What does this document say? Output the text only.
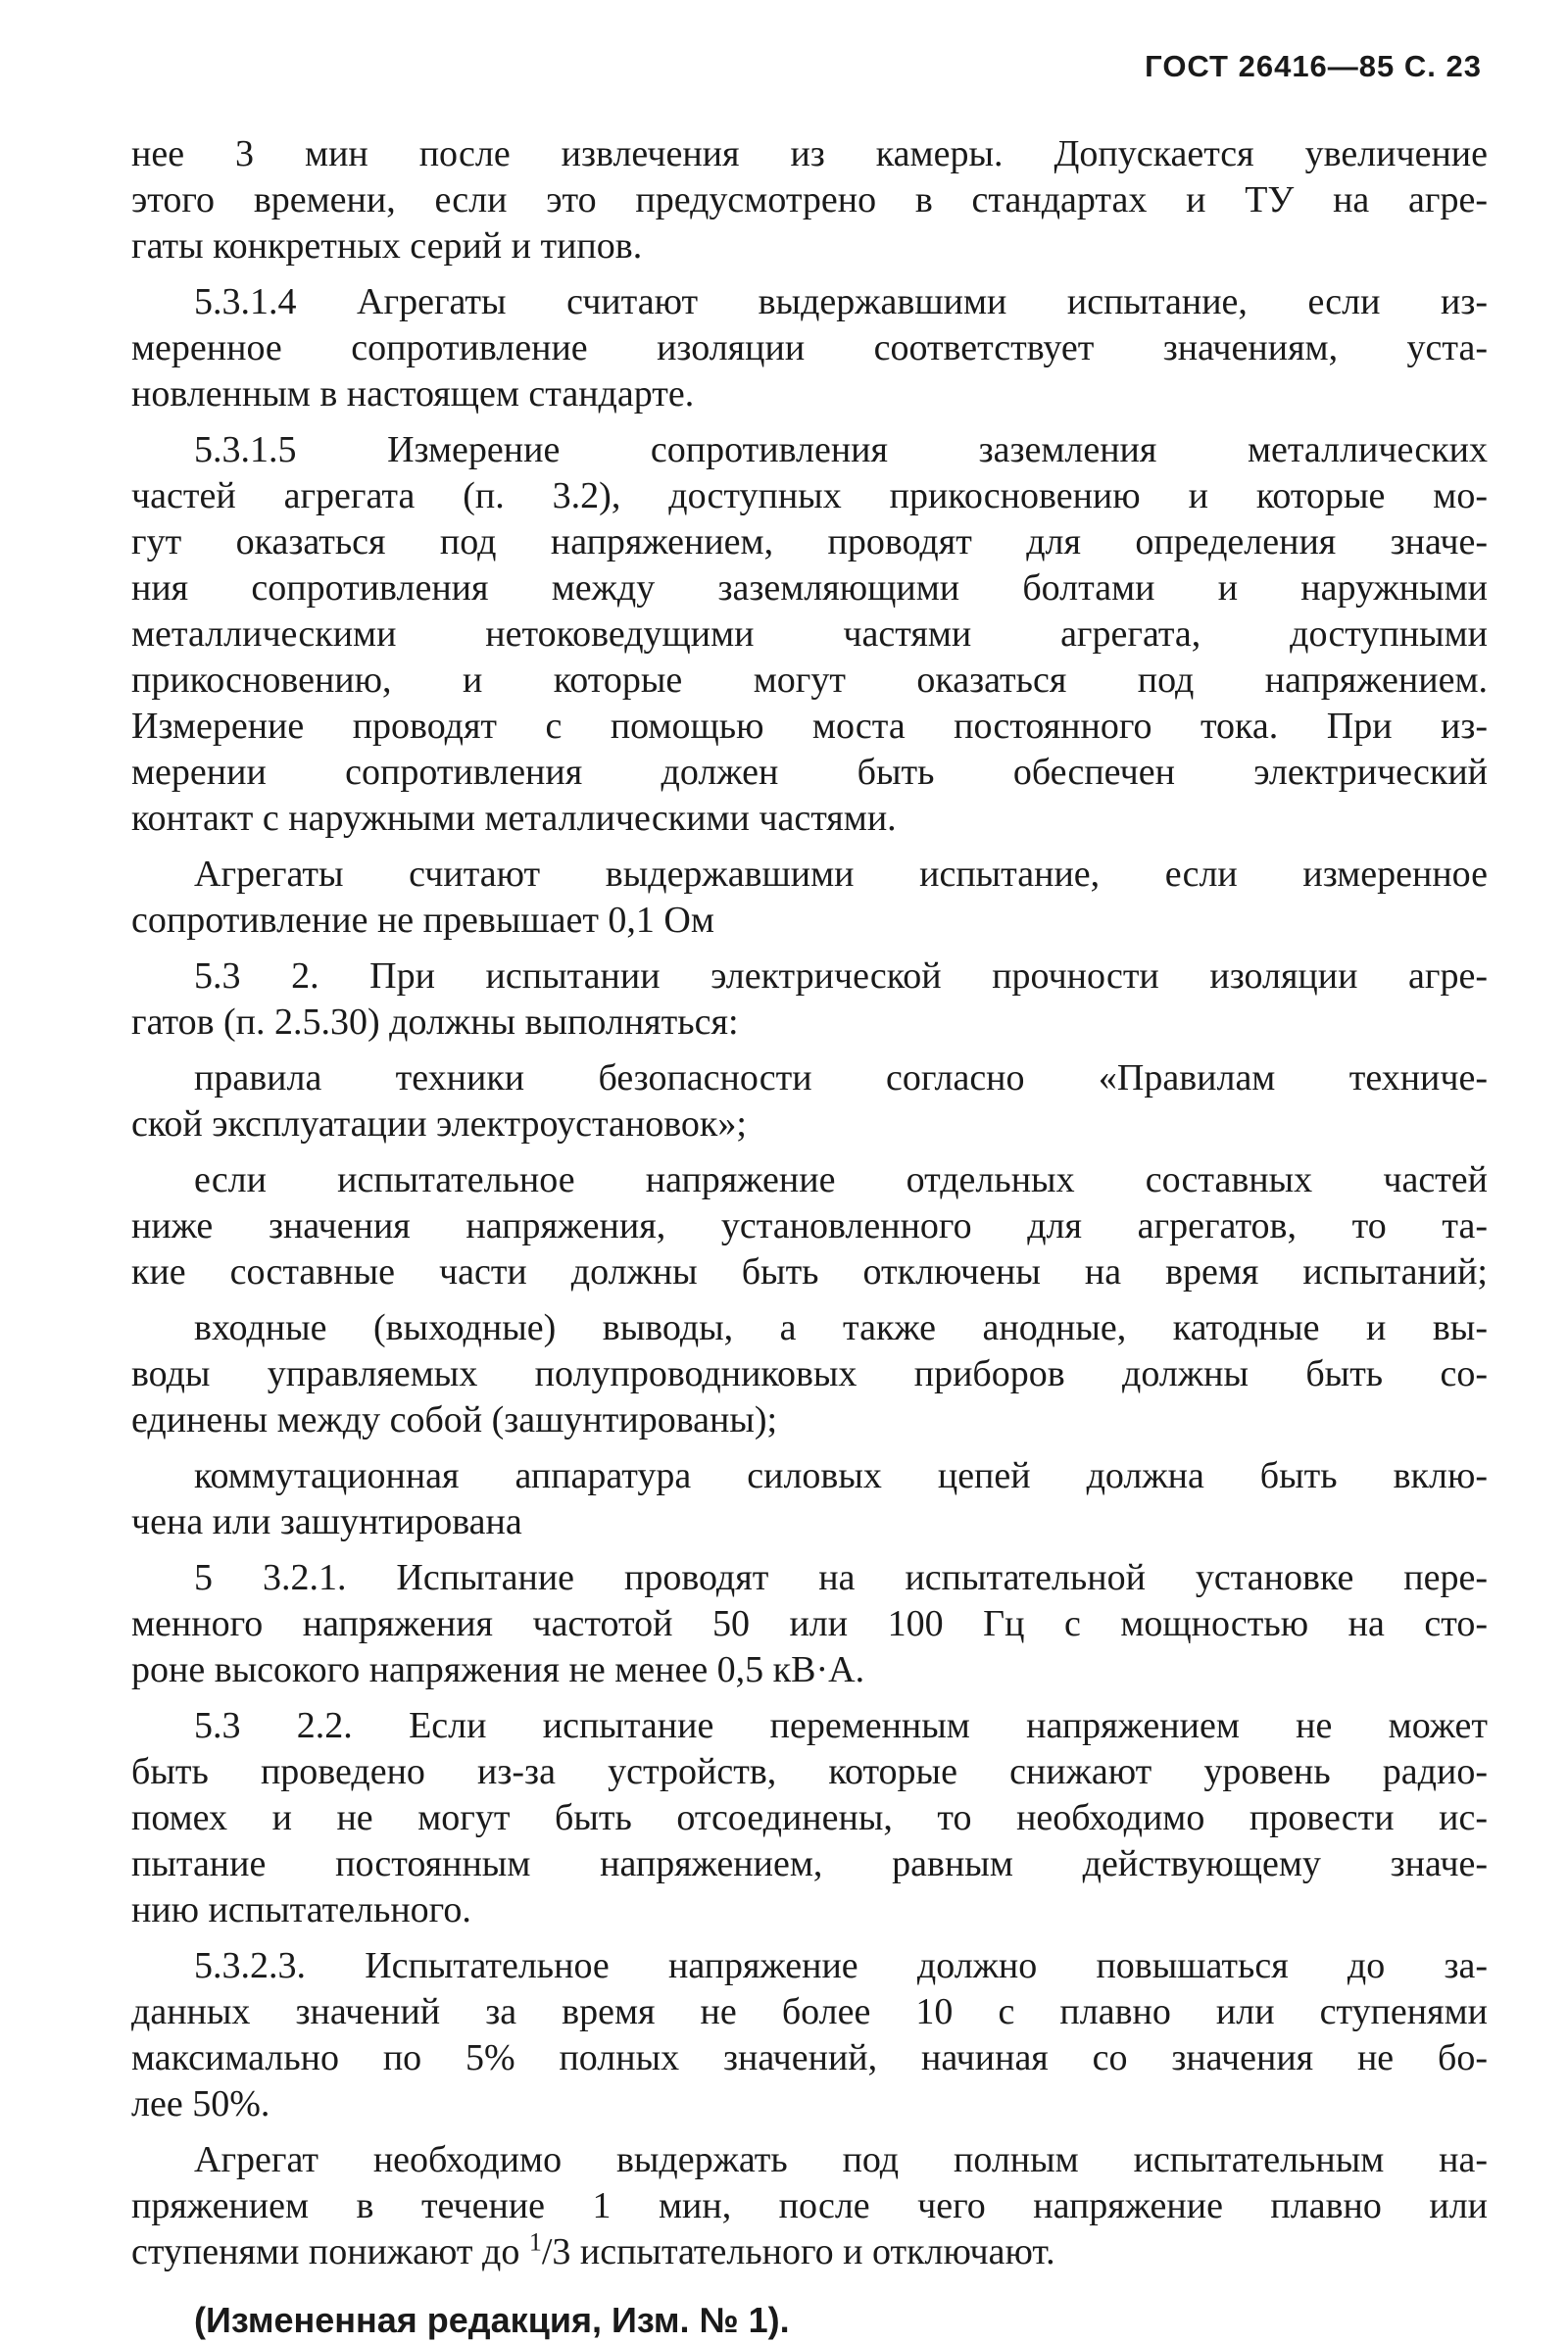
ГОСТ 26416—85 С. 23
нее 3 мин после извлечения из камеры. Допускается увеличение
этого времени, если это предусмотрено в стандартах и ТУ на агре-
гаты конкретных серий и типов.
5.3.1.4 Агрегаты считают выдержавшими испытание, если из-
меренное сопротивление изоляции соответствует значениям, уста-
новленным в настоящем стандарте.
5.3.1.5 Измерение сопротивления заземления металлических
частей агрегата (п. 3.2), доступных прикосновению и которые мо-
гут оказаться под напряжением, проводят для определения значе-
ния сопротивления между заземляющими болтами и наружными
металлическими нетоковедущими частями агрегата, доступными
прикосновению, и которые могут оказаться под напряжением.
Измерение проводят с помощью моста постоянного тока. При из-
мерении сопротивления должен быть обеспечен электрический
контакт с наружными металлическими частями.
Агрегаты считают выдержавшими испытание, если измеренное
сопротивление не превышает 0,1 Ом
5.3 2. При испытании электрической прочности изоляции агре-
гатов (п. 2.5.30) должны выполняться:
правила техники безопасности согласно «Правилам техниче-
ской эксплуатации электроустановок»;
если испытательное напряжение отдельных составных частей
ниже значения напряжения, установленного для агрегатов, то та-
кие составные части должны быть отключены на время испытаний;
входные (выходные) выводы, а также анодные, катодные и вы-
воды управляемых полупроводниковых приборов должны быть со-
единены между собой (зашунтированы);
коммутационная аппаратура силовых цепей должна быть вклю-
чена или зашунтирована
5 3.2.1. Испытание проводят на испытательной установке пере-
менного напряжения частотой 50 или 100 Гц с мощностью на сто-
роне высокого напряжения не менее 0,5 кВ·А.
5.3 2.2. Если испытание переменным напряжением не может
быть проведено из-за устройств, которые снижают уровень радио-
помех и не могут быть отсоединены, то необходимо провести ис-
пытание постоянным напряжением, равным действующему значе-
нию испытательного.
5.3.2.3. Испытательное напряжение должно повышаться до за-
данных значений за время не более 10 с плавно или ступенями
максимально по 5% полных значений, начиная со значения не бо-
лее 50%.
Агрегат необходимо выдержать под полным испытательным на-
пряжением в течение 1 мин, после чего напряжение плавно или
ступенями понижают до $^1$/3 испытательного и отключают.
(Измененная редакция, Изм. № 1).
